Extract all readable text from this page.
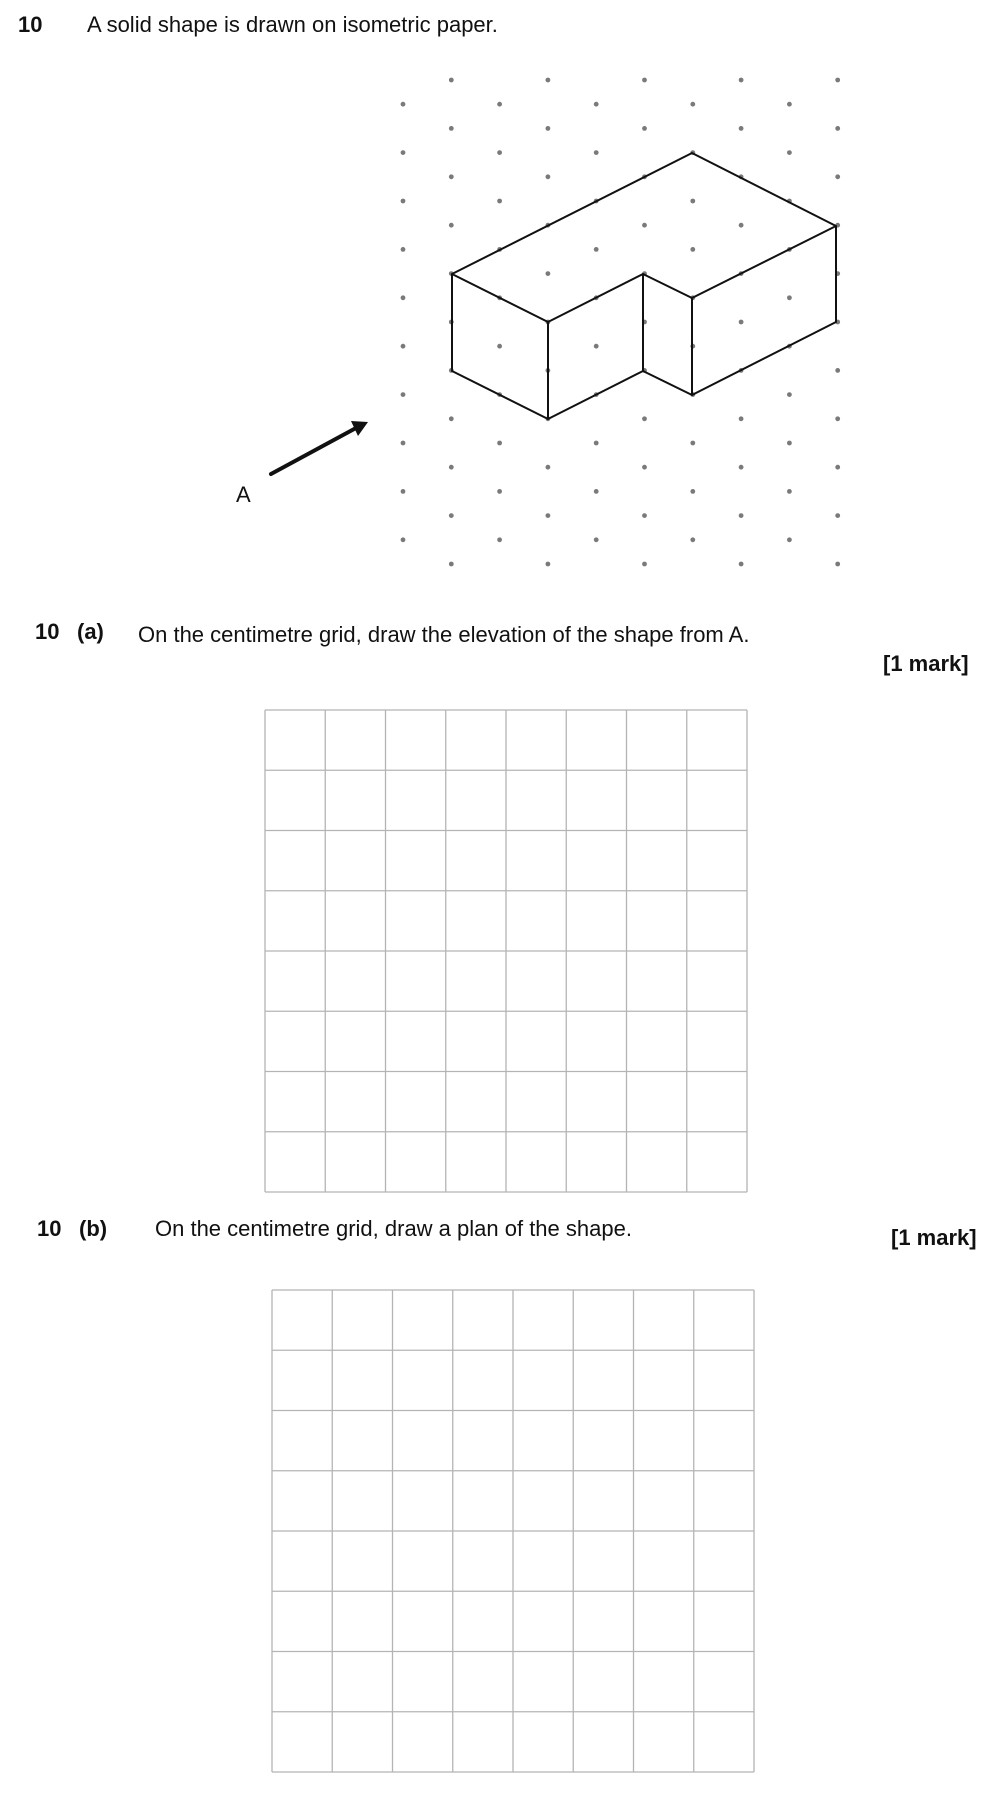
10 A solid shape is drawn on isometric paper.
A
10 (a) On the centimetre grid, draw the elevation of the shape from A.
[1 mark]
10 (b) On the centimetre grid, draw a plan of the shape.	[1 mark]
